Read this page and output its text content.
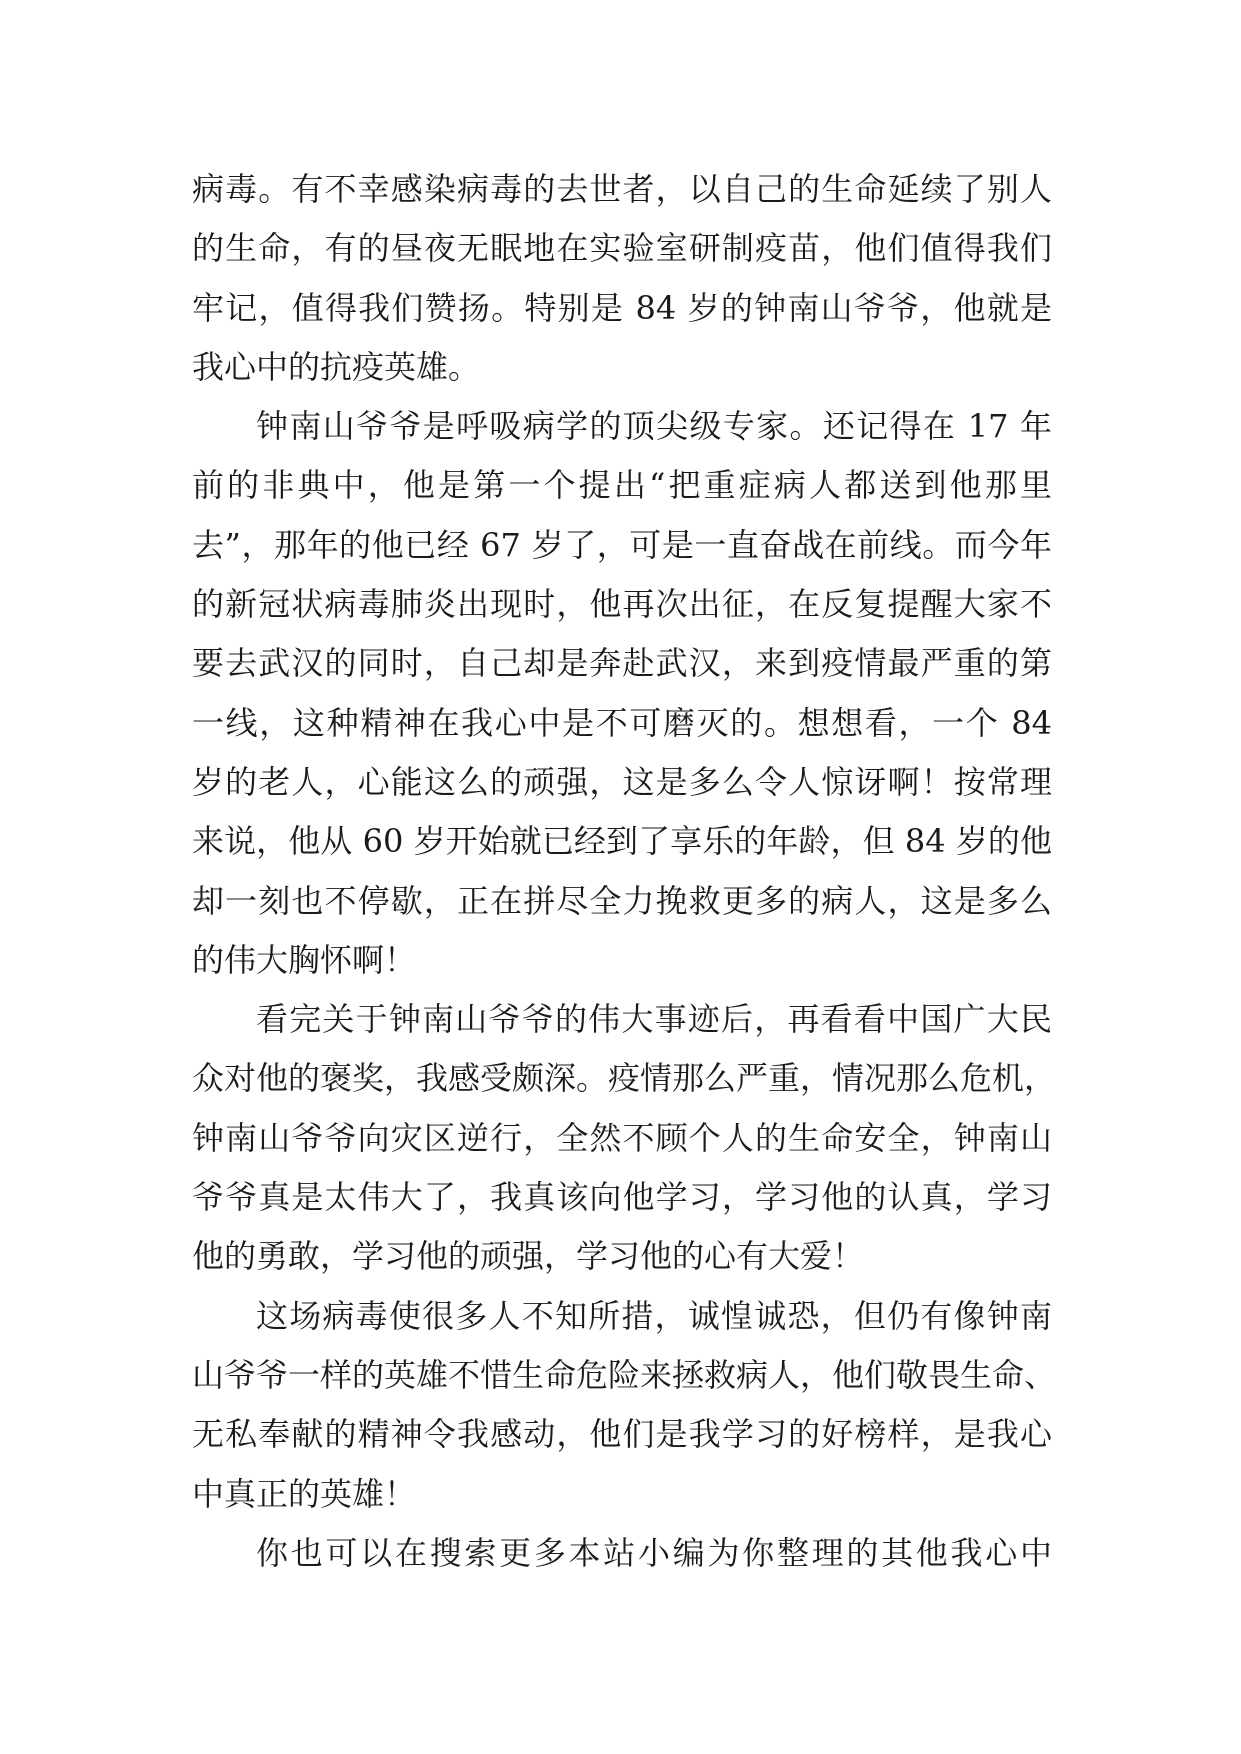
病毒。有不幸感染病毒的去世者，以自己的生命延续了别人
的生命，有的昼夜无眠地在实验室研制疫苗，他们值得我们
牢记，值得我们赞扬。特别是 84 岁的钟南山爷爷，他就是
我心中的抗疫英雄。
钟南山爷爷是呼吸病学的顶尖级专家。还记得在 17 年
前的非典中，他是第一个提出“把重症病人都送到他那里
去”，那年的他已经 67 岁了，可是一直奋战在前线。而今年
的新冠状病毒肺炎出现时，他再次出征，在反复提醒大家不
要去武汉的同时，自己却是奔赴武汉，来到疫情最严重的第
一线，这种精神在我心中是不可磨灭的。想想看，一个 84
岁的老人，心能这么的顽强，这是多么令人惊讶啊！按常理
来说，他从 60 岁开始就已经到了享乐的年龄，但 84 岁的他
却一刻也不停歇，正在拼尽全力挽救更多的病人，这是多么
的伟大胸怀啊！
看完关于钟南山爷爷的伟大事迹后，再看看中国广大民
众对他的褒奖，我感受颇深。疫情那么严重，情况那么危机，
钟南山爷爷向灾区逆行，全然不顾个人的生命安全，钟南山
爷爷真是太伟大了，我真该向他学习，学习他的认真，学习
他的勇敢，学习他的顽强，学习他的心有大爱！
这场病毒使很多人不知所措，诚惶诚恐，但仍有像钟南
山爷爷一样的英雄不惜生命危险来拯救病人，他们敬畏生命、
无私奉献的精神令我感动，他们是我学习的好榜样，是我心
中真正的英雄！
你也可以在搜索更多本站小编为你整理的其他我心中
